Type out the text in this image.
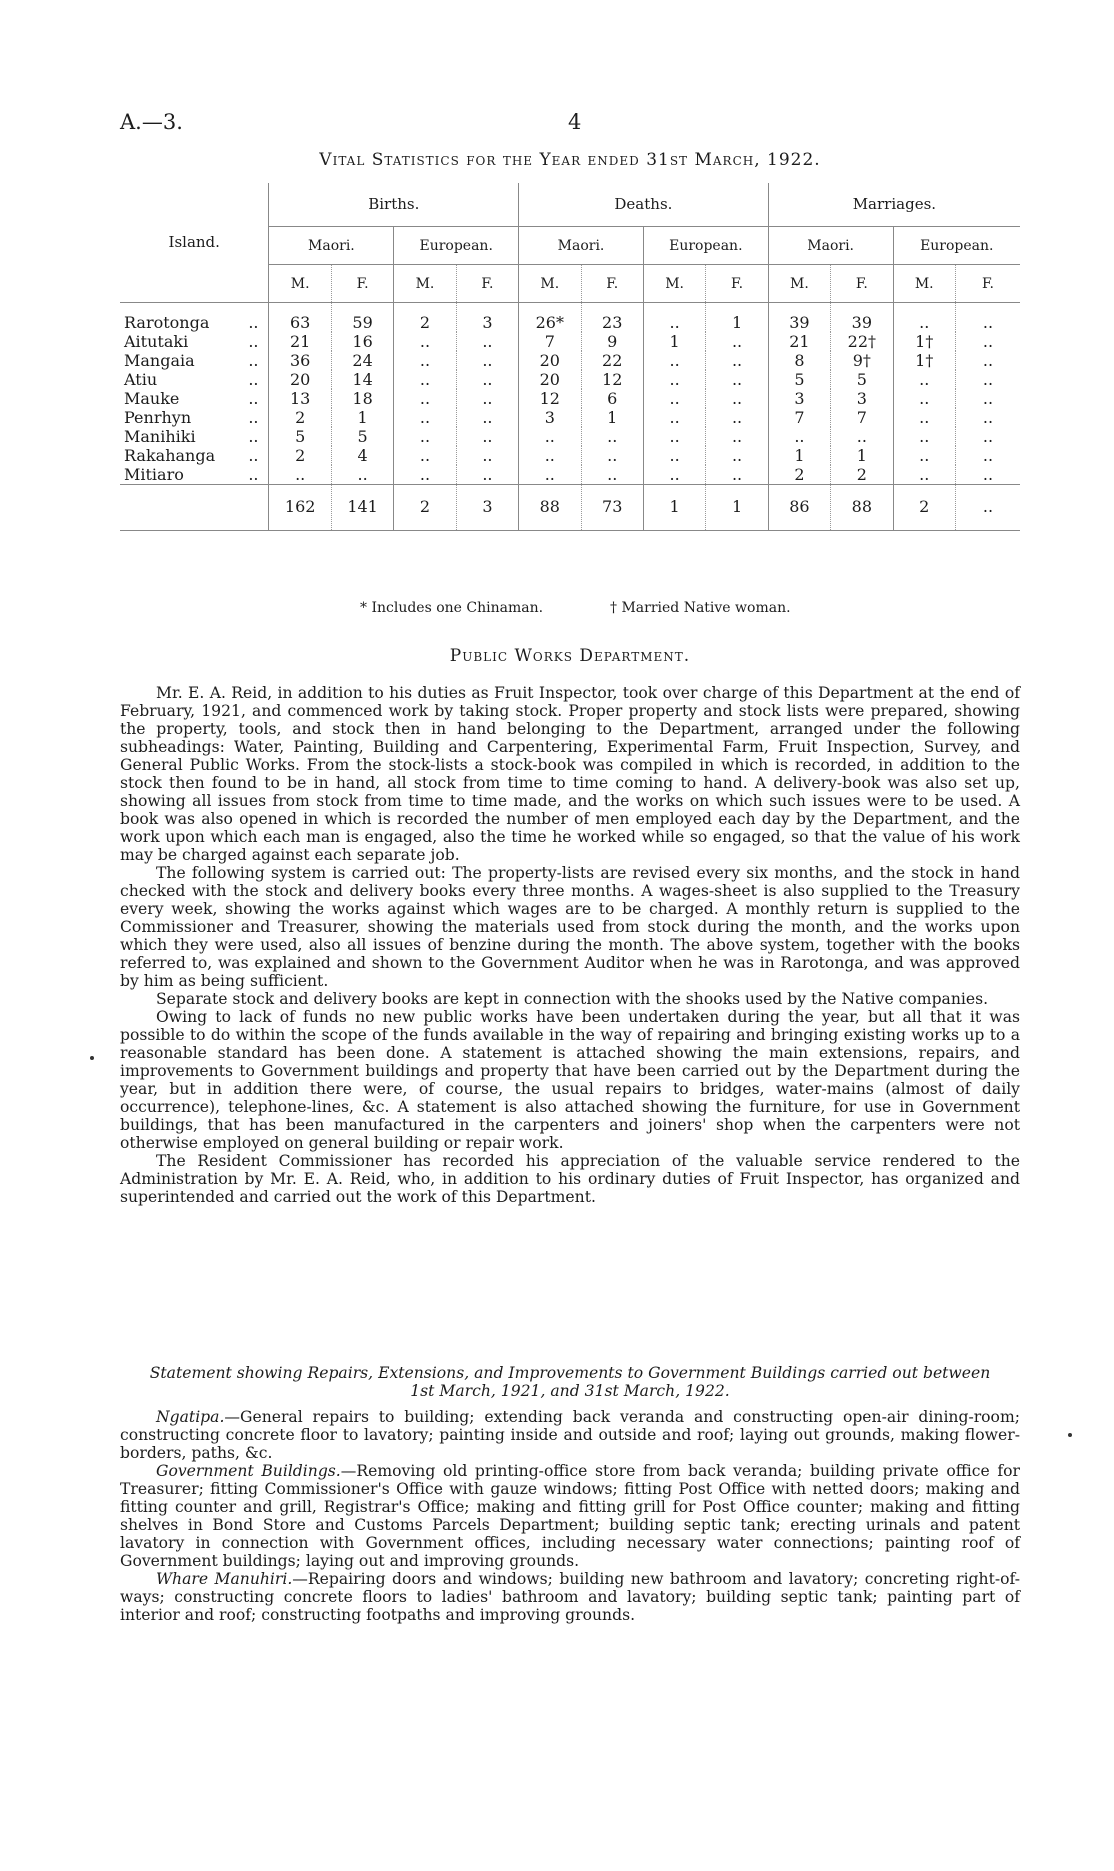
A.—3.	4
Vital Statistics for the Year ended 31st March, 1922.
Island.	Births.				Deaths.				Marriages.			
	Maori.		European.		Maori.		European.		Maori.		European.	
	M.	F.	M.	F.	M.	F.	M.	F.	M.	F.	M.	F.
Rarotonga ..	63	59	2	3	26*	23	..	1	39	39	..	..
Aitutaki ..	21	16	..	..	7	9	1	..	21	22†	1†	..
Mangaia ..	36	24	..	..	20	22	..	..	8	9†	1†	..
Atiu ..	20	14	..	..	20	12	..	..	5	5	..	..
Mauke ..	13	18	..	..	12	6	..	..	3	3	..	..
Penrhyn ..	2	1	..	..	3	1	..	..	7	7	..	..
Manihiki ..	5	5	..	..	..	..	..	..	..	..	..	..
Rakahanga ..	2	4	..	..	..	..	..	..	1	1	..	..
Mitiaro ..	..	..	..	..	..	..	..	..	2	2	..	..
	162	141	2	3	88	73	1	1	86	88	2	..
* Includes one Chinaman.	† Married Native woman.
Public Works Department.

Mr. E. A. Reid, in addition to his duties as Fruit Inspector, took over charge of this Department at the end of February, 1921, and commenced work by taking stock. Proper property and stock lists were prepared, showing the property, tools, and stock then in hand belonging to the Department, arranged under the following subheadings: Water, Painting, Building and Carpentering, Experimental Farm, Fruit Inspection, Survey, and General Public Works. From the stock-lists a stock-book was compiled in which is recorded, in addition to the stock then found to be in hand, all stock from time to time coming to hand. A delivery-book was also set up, showing all issues from stock from time to time made, and the works on which such issues were to be used. A book was also opened in which is recorded the number of men employed each day by the Department, and the work upon which each man is engaged, also the time he worked while so engaged, so that the value of his work may be charged against each separate job.

The following system is carried out: The property-lists are revised every six months, and the stock in hand checked with the stock and delivery books every three months. A wages-sheet is also supplied to the Treasury every week, showing the works against which wages are to be charged. A monthly return is supplied to the Commissioner and Treasurer, showing the materials used from stock during the month, and the works upon which they were used, also all issues of benzine during the month. The above system, together with the books referred to, was explained and shown to the Government Auditor when he was in Rarotonga, and was approved by him as being sufficient.

Separate stock and delivery books are kept in connection with the shooks used by the Native companies.

Owing to lack of funds no new public works have been undertaken during the year, but all that it was possible to do within the scope of the funds available in the way of repairing and bringing existing works up to a reasonable standard has been done. A statement is attached showing the main extensions, repairs, and improvements to Government buildings and property that have been carried out by the Department during the year, but in addition there were, of course, the usual repairs to bridges, water-mains (almost of daily occurrence), telephone-lines, &c. A statement is also attached showing the furniture, for use in Government buildings, that has been manufactured in the carpenters and joiners' shop when the carpenters were not otherwise employed on general building or repair work.

The Resident Commissioner has recorded his appreciation of the valuable service rendered to the Administration by Mr. E. A. Reid, who, in addition to his ordinary duties of Fruit Inspector, has organized and superintended and carried out the work of this Department.

Statement showing Repairs, Extensions, and Improvements to Government Buildings carried out between
1st March, 1921, and 31st March, 1922.

Ngatipa.—General repairs to building; extending back veranda and constructing open-air dining-room; constructing concrete floor to lavatory; painting inside and outside and roof; laying out grounds, making flower-borders, paths, &c.

Government Buildings.—Removing old printing-office store from back veranda; building private office for Treasurer; fitting Commissioner's Office with gauze windows; fitting Post Office with netted doors; making and fitting counter and grill, Registrar's Office; making and fitting grill for Post Office counter; making and fitting shelves in Bond Store and Customs Parcels Department; building septic tank; erecting urinals and patent lavatory in connection with Government offices, including necessary water connections; painting roof of Government buildings; laying out and improving grounds.

Whare Manuhiri.—Repairing doors and windows; building new bathroom and lavatory; concreting right-of-ways; constructing concrete floors to ladies' bathroom and lavatory; building septic tank; painting part of interior and roof; constructing footpaths and improving grounds.
